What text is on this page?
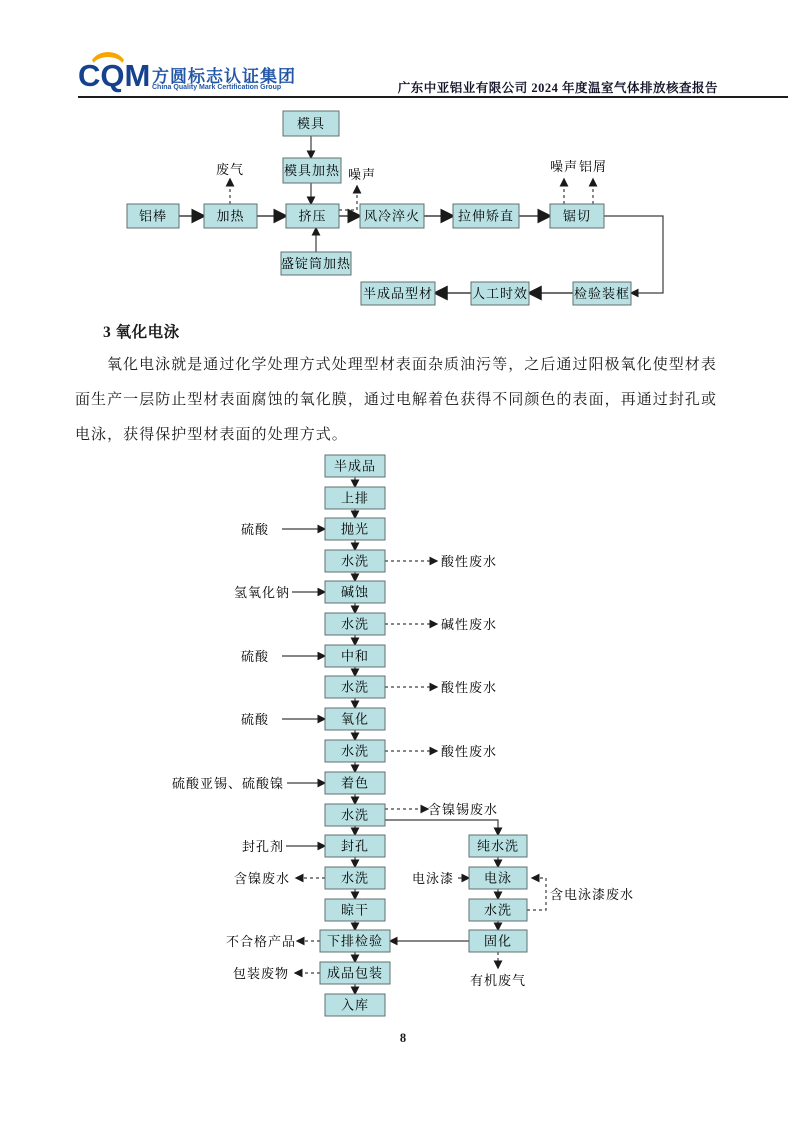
CQM 方圆标志认证集团
China Quality Mark Certification Group	广东中亚铝业有限公司 2024 年度温室气体排放核查报告
模具
模具加热
铝棒	加热	挤压	风冷淬火	拉伸矫直	锯切
盛锭筒加热
半成品型材	人工时效	检验装框
废气	噪声
噪声 铝屑
半成品
上排
抛光
水洗
碱蚀
水洗
中和
水洗
氧化
水洗
着色
水洗
封孔
水洗
晾干
下排检验
成品包装
入库
纯水洗
电泳
水洗
固化
硫酸
酸性废水
氢氧化钠
碱性废水
硫酸
酸性废水
硫酸
酸性废水
硫酸亚锡、硫酸镍
含镍锡废水
封孔剂
含镍废水	电泳漆
含电泳漆废水
不合格产品
包装废物	有机废气
3 氧化电泳
氧化电泳就是通过化学处理方式处理型材表面杂质油污等，之后通过阳极氧化使型材表
面生产一层防止型材表面腐蚀的氧化膜，通过电解着色获得不同颜色的表面，再通过封孔或
电泳，获得保护型材表面的处理方式。
8
